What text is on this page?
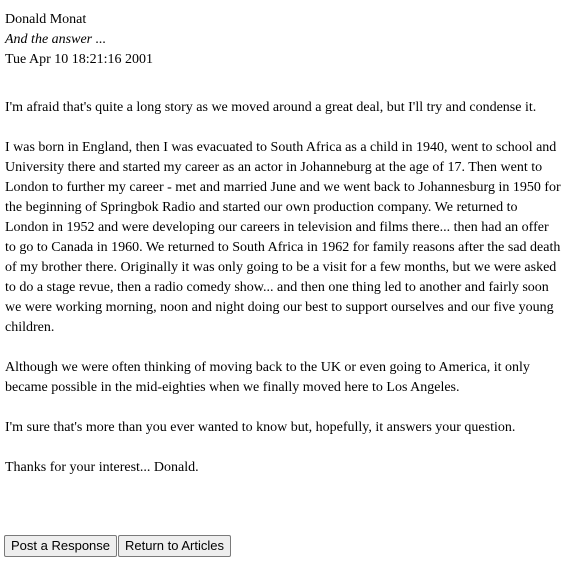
Donald Monat
And the answer ...
Tue Apr 10 18:21:16 2001

I'm afraid that's quite a long story as we moved around a great deal, but I'll try and condense it.

I was born in England, then I was evacuated to South Africa as a child in 1940, went to school and University there and started my career as an actor in Johanneburg at the age of 17. Then went to London to further my career - met and married June and we went back to Johannesburg in 1950 for the beginning of Springbok Radio and started our own production company. We returned to London in 1952 and were developing our careers in television and films there... then had an offer to go to Canada in 1960. We returned to South Africa in 1962 for family reasons after the sad death of my brother there. Originally it was only going to be a visit for a few months, but we were asked to do a stage revue, then a radio comedy show... and then one thing led to another and fairly soon we were working morning, noon and night doing our best to support ourselves and our five young children.

Although we were often thinking of moving back to the UK or even going to America, it only became possible in the mid-eighties when we finally moved here to Los Angeles.

I'm sure that's more than you ever wanted to know but, hopefully, it answers your question.

Thanks for your interest... Donald.

Post a Response	Return to Articles
